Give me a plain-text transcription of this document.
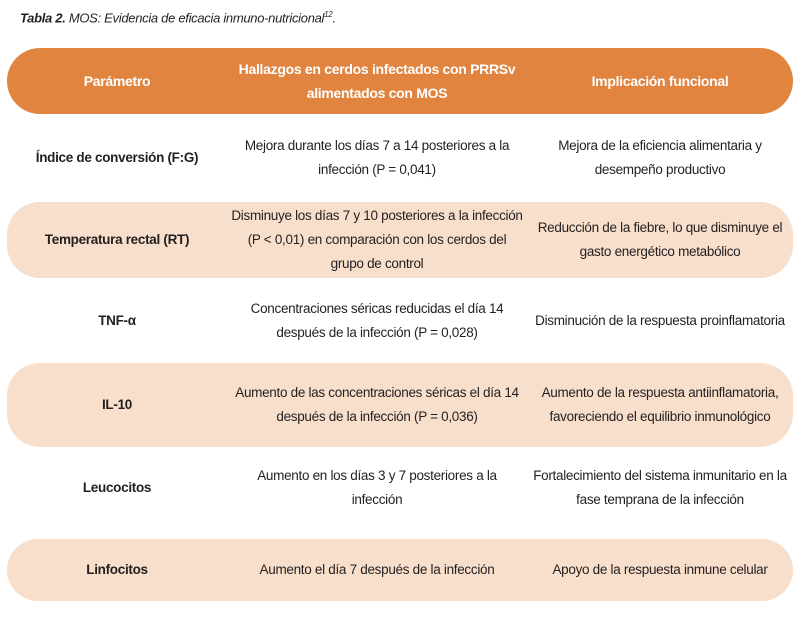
Tabla 2. MOS: Evidencia de eficacia inmuno-nutricional$^{12}$.
Parámetro
Hallazgos en cerdos infectados con PRRSv alimentados con MOS
Implicación funcional
Índice de conversión (F:G)
Mejora durante los días 7 a 14 posteriores a la infección (P = 0,041)
Mejora de la eficiencia alimentaria y desempeño productivo
Temperatura rectal (RT)
Disminuye los días 7 y 10 posteriores a la infección (P < 0,01) en comparación con los cerdos del grupo de control
Reducción de la fiebre, lo que disminuye el gasto energético metabólico
TNF-α
Concentraciones séricas reducidas el día 14 después de la infección (P = 0,028)
Disminución de la respuesta proinflamatoria
IL-10
Aumento de las concentraciones séricas el día 14 después de la infección (P = 0,036)
Aumento de la respuesta antiinflamatoria, favoreciendo el equilibrio inmunológico
Leucocitos
Aumento en los días 3 y 7 posteriores a la infección
Fortalecimiento del sistema inmunitario en la fase temprana de la infección
Linfocitos	Aumento el día 7 después de la infección	Apoyo de la respuesta inmune celular
